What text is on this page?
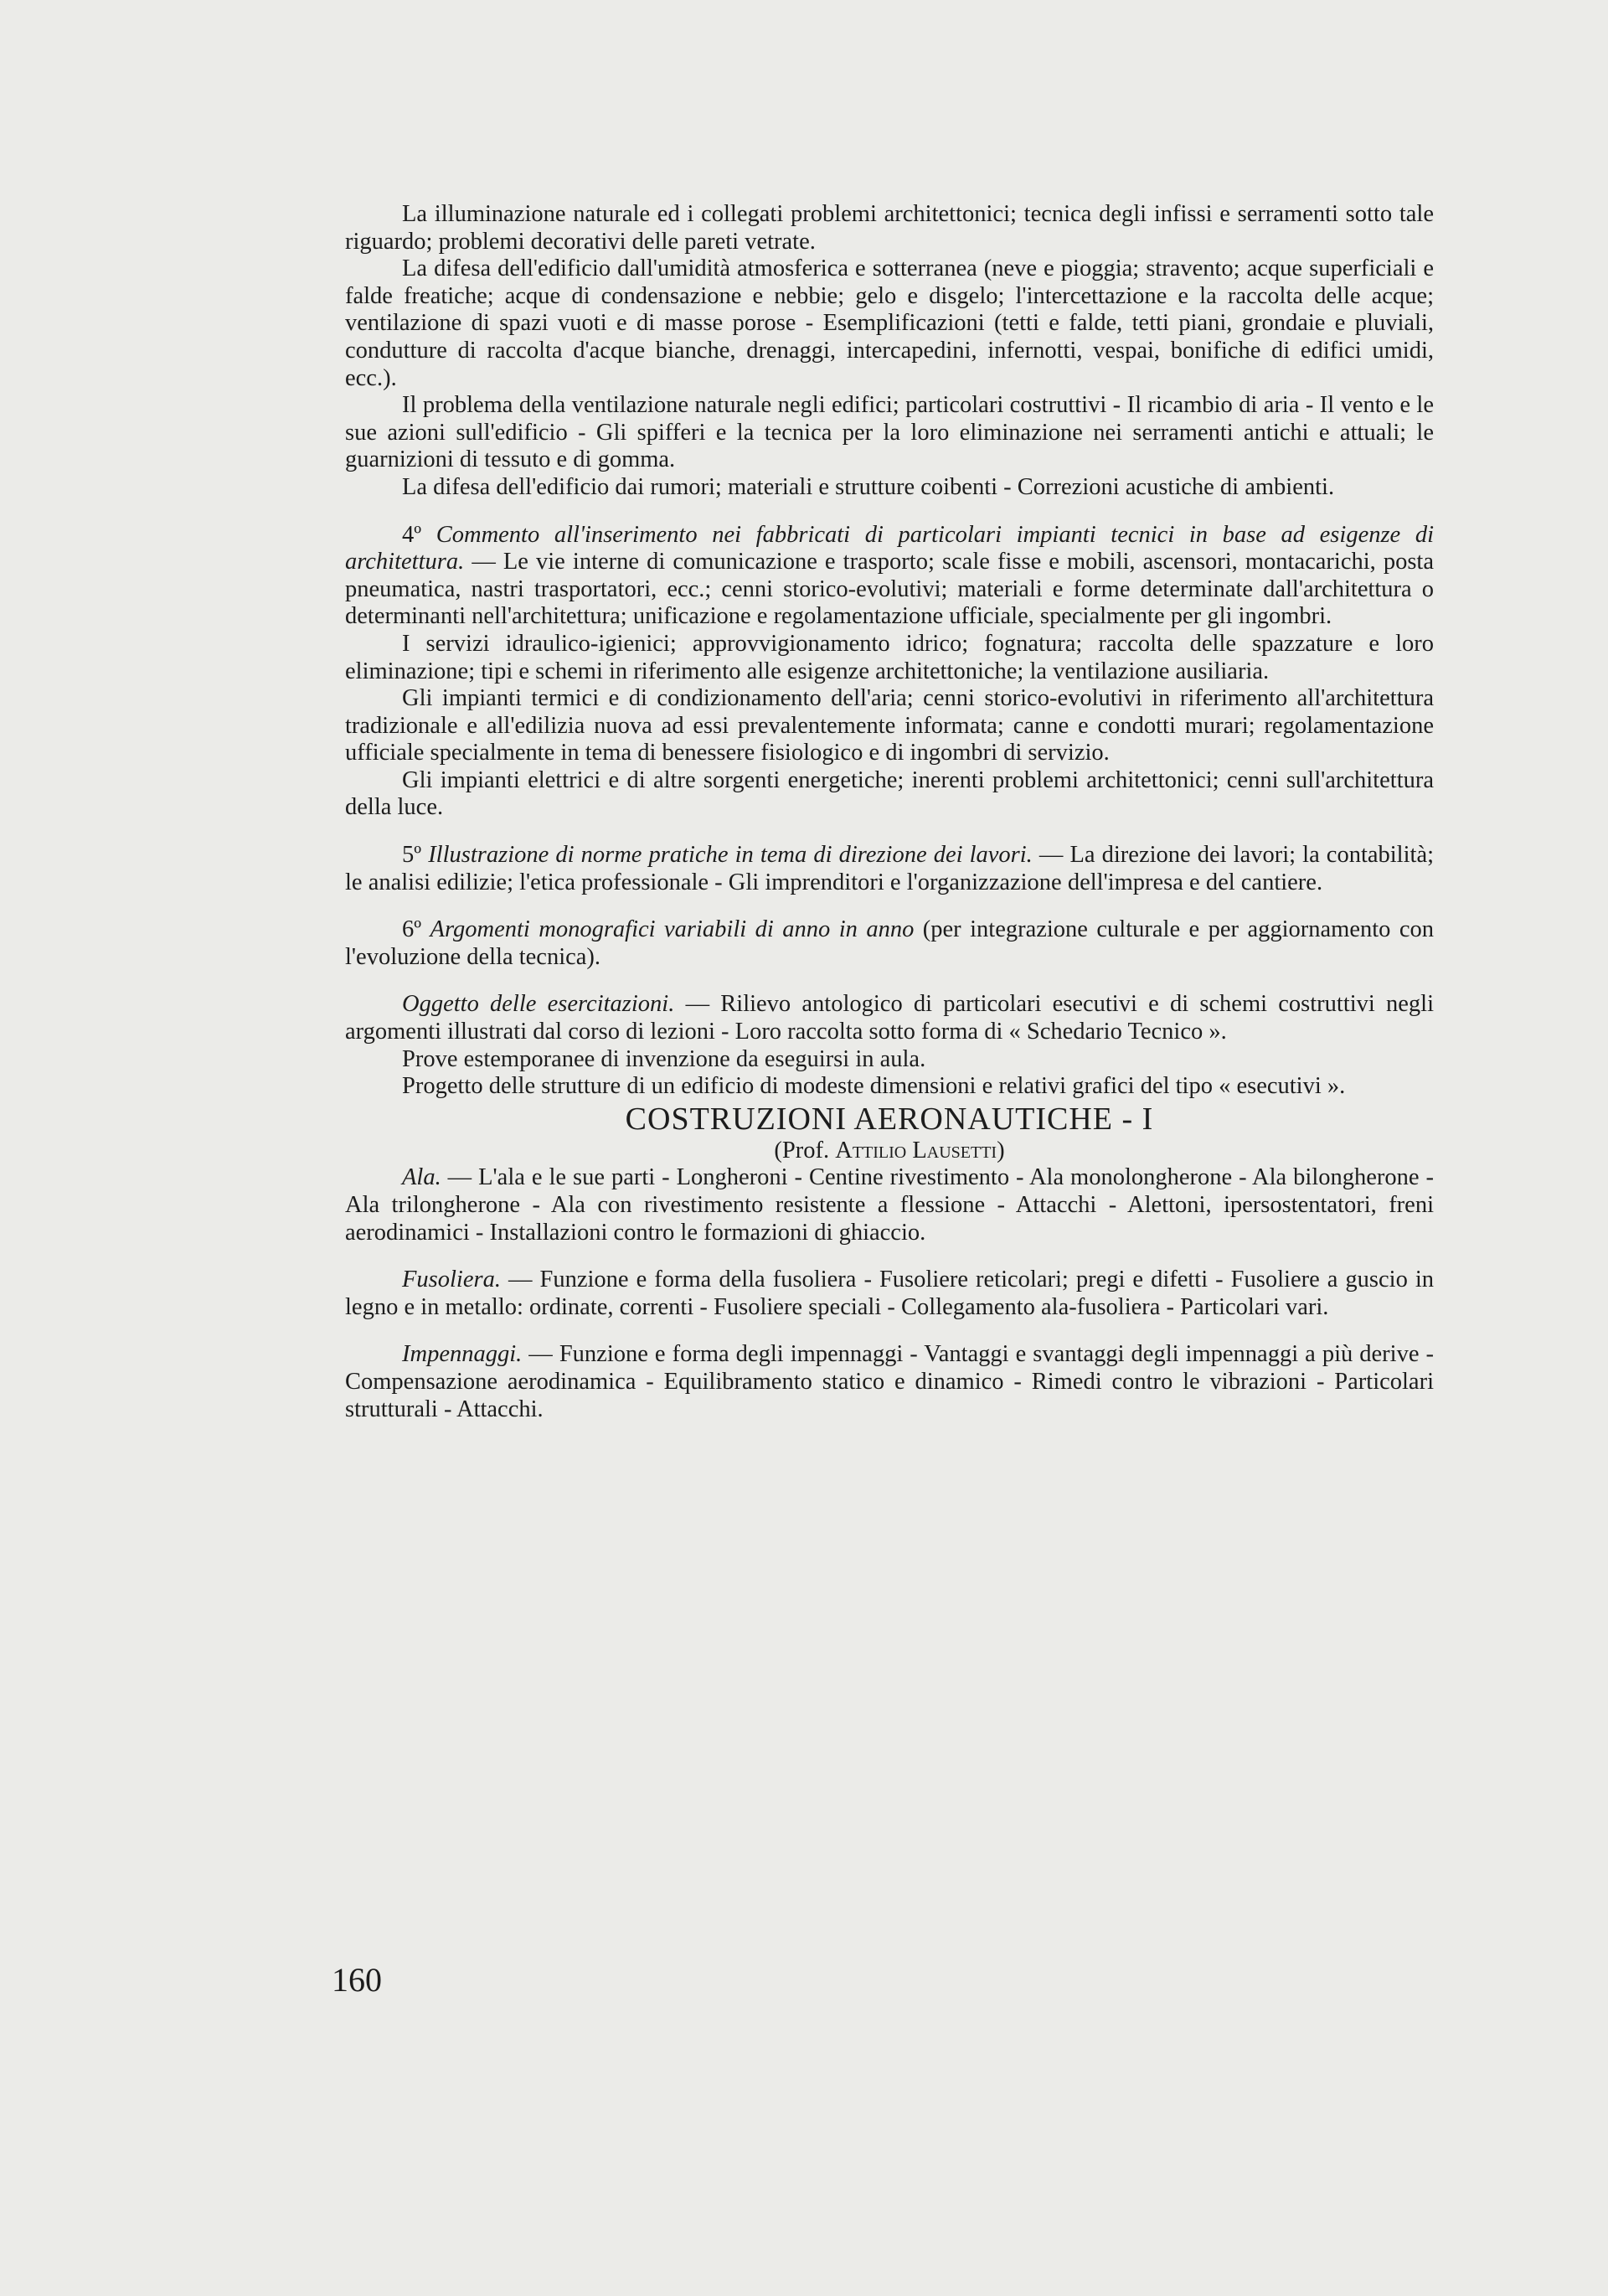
La illuminazione naturale ed i collegati problemi architettonici; tecnica degli infissi e serramenti sotto tale riguardo; problemi decorativi delle pareti vetrate.

La difesa dell'edificio dall'umidità atmosferica e sotterranea (neve e pioggia; stravento; acque superficiali e falde freatiche; acque di condensazione e nebbie; gelo e disgelo; l'intercettazione e la raccolta delle acque; ventilazione di spazi vuoti e di masse porose - Esemplificazioni (tetti e falde, tetti piani, grondaie e pluviali, condutture di raccolta d'acque bianche, drenaggi, intercapedini, infernotti, vespai, bonifiche di edifici umidi, ecc.).

Il problema della ventilazione naturale negli edifici; particolari costruttivi - Il ricambio di aria - Il vento e le sue azioni sull'edificio - Gli spifferi e la tecnica per la loro eliminazione nei serramenti antichi e attuali; le guarnizioni di tessuto e di gomma.

La difesa dell'edificio dai rumori; materiali e strutture coibenti - Correzioni acustiche di ambienti.

4º Commento all'inserimento nei fabbricati di particolari impianti tecnici in base ad esigenze di architettura. — Le vie interne di comunicazione e trasporto; scale fisse e mobili, ascensori, montacarichi, posta pneumatica, nastri trasportatori, ecc.; cenni storico-evolutivi; materiali e forme determinate dall'architettura o determinanti nell'architettura; unificazione e regolamentazione ufficiale, specialmente per gli ingombri.

I servizi idraulico-igienici; approvvigionamento idrico; fognatura; raccolta delle spazzature e loro eliminazione; tipi e schemi in riferimento alle esigenze architettoniche; la ventilazione ausiliaria.

Gli impianti termici e di condizionamento dell'aria; cenni storico-evolutivi in riferimento all'architettura tradizionale e all'edilizia nuova ad essi prevalentemente informata; canne e condotti murari; regolamentazione ufficiale specialmente in tema di benessere fisiologico e di ingombri di servizio.

Gli impianti elettrici e di altre sorgenti energetiche; inerenti problemi architettonici; cenni sull'architettura della luce.

5º Illustrazione di norme pratiche in tema di direzione dei lavori. — La direzione dei lavori; la contabilità; le analisi edilizie; l'etica professionale - Gli imprenditori e l'organizzazione dell'impresa e del cantiere.

6º Argomenti monografici variabili di anno in anno (per integrazione culturale e per aggiornamento con l'evoluzione della tecnica).

Oggetto delle esercitazioni. — Rilievo antologico di particolari esecutivi e di schemi costruttivi negli argomenti illustrati dal corso di lezioni - Loro raccolta sotto forma di « Schedario Tecnico ».

Prove estemporanee di invenzione da eseguirsi in aula.

Progetto delle strutture di un edificio di modeste dimensioni e relativi grafici del tipo « esecutivi ».

COSTRUZIONI AERONAUTICHE - I

(Prof. Attilio Lausetti)

Ala. — L'ala e le sue parti - Longheroni - Centine rivestimento - Ala monolongherone - Ala bilongherone - Ala trilongherone - Ala con rivestimento resistente a flessione - Attacchi - Alettoni, ipersostentatori, freni aerodinamici - Installazioni contro le formazioni di ghiaccio.

Fusoliera. — Funzione e forma della fusoliera - Fusoliere reticolari; pregi e difetti - Fusoliere a guscio in legno e in metallo: ordinate, correnti - Fusoliere speciali - Collegamento ala-fusoliera - Particolari vari.

Impennaggi. — Funzione e forma degli impennaggi - Vantaggi e svantaggi degli impennaggi a più derive - Compensazione aerodinamica - Equilibramento statico e dinamico - Rimedi contro le vibrazioni - Particolari strutturali - Attacchi.

160
